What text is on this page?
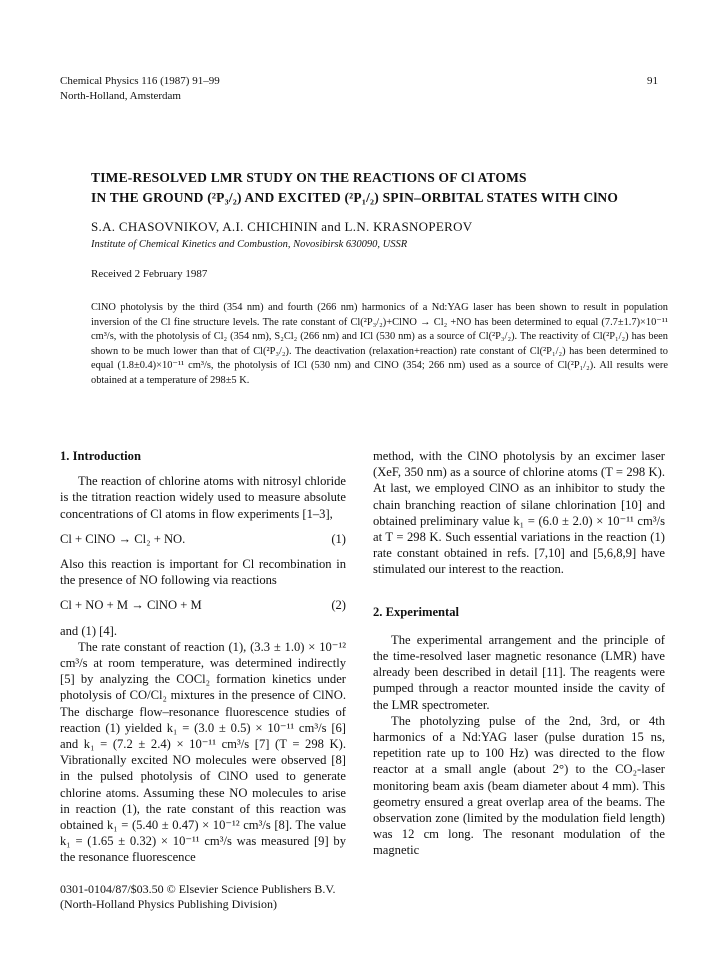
Chemical Physics 116 (1987) 91–99
North-Holland, Amsterdam
91
TIME-RESOLVED LMR STUDY ON THE REACTIONS OF Cl ATOMS
IN THE GROUND (²P₃/₂) AND EXCITED (²P₁/₂) SPIN–ORBITAL STATES WITH ClNO
S.A. CHASOVNIKOV, A.I. CHICHININ and L.N. KRASNOPEROV
Institute of Chemical Kinetics and Combustion, Novosibirsk 630090, USSR
Received 2 February 1987
ClNO photolysis by the third (354 nm) and fourth (266 nm) harmonics of a Nd:YAG laser has been shown to result in population inversion of the Cl fine structure levels. The rate constant of Cl(²P₃/₂)+ClNO → Cl₂ +NO has been determined to equal (7.7±1.7)×10⁻¹¹ cm³/s, with the photolysis of Cl₂ (354 nm), S₂Cl₂ (266 nm) and ICl (530 nm) as a source of Cl(²P₃/₂). The reactivity of Cl(²P₁/₂) has been shown to be much lower than that of Cl(²P₃/₂). The deactivation (relaxation+reaction) rate constant of Cl(²P₁/₂) has been determined to equal (1.8±0.4)×10⁻¹¹ cm³/s, the photolysis of ICl (530 nm) and ClNO (354; 266 nm) used as a source of Cl(²P₁/₂). All results were obtained at a temperature of 298±5 K.
1. Introduction

The reaction of chlorine atoms with nitrosyl chloride is the titration reaction widely used to measure absolute concentrations of Cl atoms in flow experiments [1–3],

Cl + ClNO → Cl₂ + NO.	(1)

Also this reaction is important for Cl recombination in the presence of NO following via reactions

Cl + NO + M → ClNO + M	(2)

and (1) [4].

The rate constant of reaction (1), (3.3 ± 1.0) × 10⁻¹² cm³/s at room temperature, was determined indirectly [5] by analyzing the COCl₂ formation kinetics under photolysis of CO/Cl₂ mixtures in the presence of ClNO. The discharge flow–resonance fluorescence studies of reaction (1) yielded k₁ = (3.0 ± 0.5) × 10⁻¹¹ cm³/s [6] and k₁ = (7.2 ± 2.4) × 10⁻¹¹ cm³/s [7] (T = 298 K). Vibrationally excited NO molecules were observed [8] in the pulsed photolysis of ClNO used to generate chlorine atoms. Assuming these NO molecules to arise in reaction (1), the rate constant of this reaction was obtained k₁ = (5.40 ± 0.47) × 10⁻¹² cm³/s [8]. The value k₁ = (1.65 ± 0.32) × 10⁻¹¹ cm³/s was measured [9] by the resonance fluorescence

method, with the ClNO photolysis by an excimer laser (XeF, 350 nm) as a source of chlorine atoms (T = 298 K). At last, we employed ClNO as an inhibitor to study the chain branching reaction of silane chlorination [10] and obtained preliminary value k₁ = (6.0 ± 2.0) × 10⁻¹¹ cm³/s at T = 298 K. Such essential variations in the reaction (1) rate constant obtained in refs. [7,10] and [5,6,8,9] have stimulated our interest to the reaction.

2. Experimental

The experimental arrangement and the principle of the time-resolved laser magnetic resonance (LMR) have already been described in detail [11]. The reagents were pumped through a reactor mounted inside the cavity of the LMR spectrometer.

The photolyzing pulse of the 2nd, 3rd, or 4th harmonics of a Nd:YAG laser (pulse duration 15 ns, repetition rate up to 100 Hz) was directed to the flow reactor at a small angle (about 2°) to the CO₂-laser monitoring beam axis (beam diameter about 4 mm). This geometry ensured a great overlap area of the beams. The observation zone (limited by the modulation field length) was 12 cm long. The resonant modulation of the magnetic

0301-0104/87/$03.50 © Elsevier Science Publishers B.V.
(North-Holland Physics Publishing Division)
